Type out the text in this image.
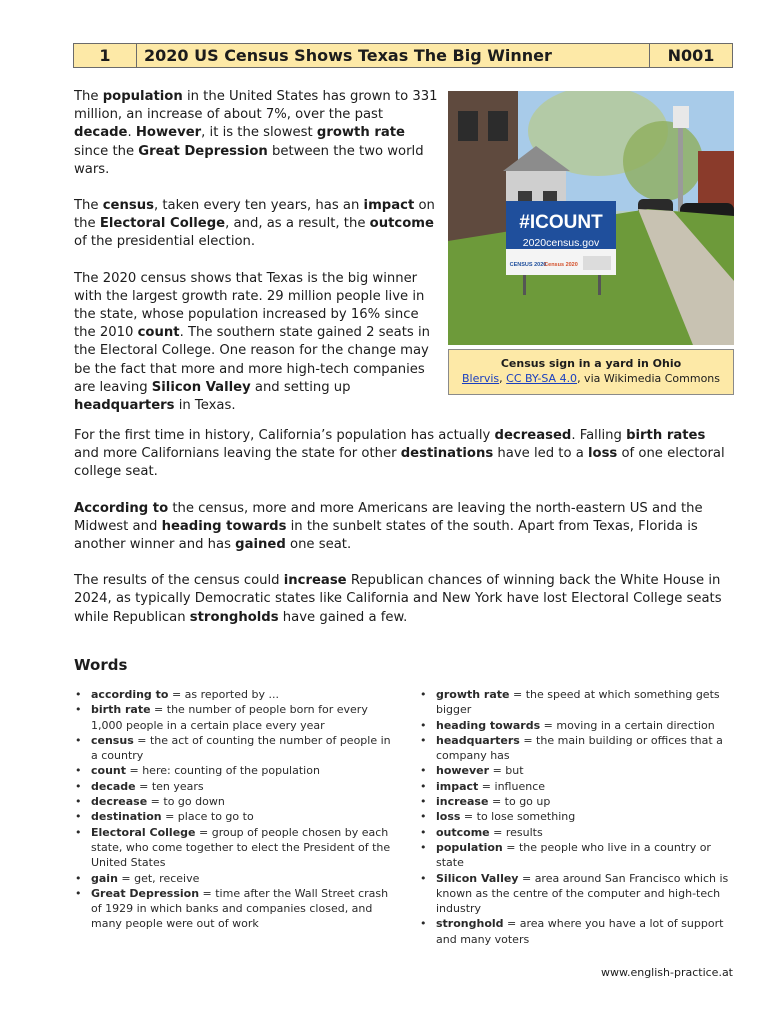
1	2020 US Census Shows Texas The Big Winner	N001

The population in the United States has grown to 331 million, an increase of about 7%, over the past decade. However, it is the slowest growth rate since the Great Depression between the two world wars.

The census, taken every ten years, has an impact on the Electoral College, and, as a result, the outcome of the presidential election.

The 2020 census shows that Texas is the big winner with the largest growth rate. 29 million people live in the state, whose population increased by 16% since the 2010 count. The southern state gained 2 seats in the Electoral College. One reason for the change may be the fact that more and more high-tech companies are leaving Silicon Valley and setting up headquarters in Texas.

#ICOUNT
2020census.gov
CENSUS 2020
Census 2020
Census sign in a yard in Ohio
Blervis, CC BY-SA 4.0, via Wikimedia Commons

For the first time in history, California’s population has actually decreased. Falling birth rates and more Californians leaving the state for other destinations have led to a loss of one electoral college seat.

According to the census, more and more Americans are leaving the north-eastern US and the Midwest and heading towards in the sunbelt states of the south. Apart from Texas, Florida is another winner and has gained one seat.

The results of the census could increase Republican chances of winning back the White House in 2024, as typically Democratic states like California and New York have lost Electoral College seats while Republican strongholds have gained a few.

Words
• according to = as reported by ...
• birth rate = the number of people born for every 1,000 people in a certain place every year
• census = the act of counting the number of people in a country
• count = here: counting of the population
• decade = ten years
• decrease = to go down
• destination = place to go to
• Electoral College = group of people chosen by each state, who come together to elect the President of the United States
• gain = get, receive
• Great Depression = time after the Wall Street crash of 1929 in which banks and companies closed, and many people were out of work
• growth rate = the speed at which something gets bigger
• heading towards = moving in a certain direction
• headquarters = the main building or offices that a company has
• however = but
• impact = influence
• increase = to go up
• loss = to lose something
• outcome = results
• population = the people who live in a country or state
• Silicon Valley = area around San Francisco which is known as the centre of the computer and high-tech industry
• stronghold = area where you have a lot of support and many voters
www.english-practice.at
